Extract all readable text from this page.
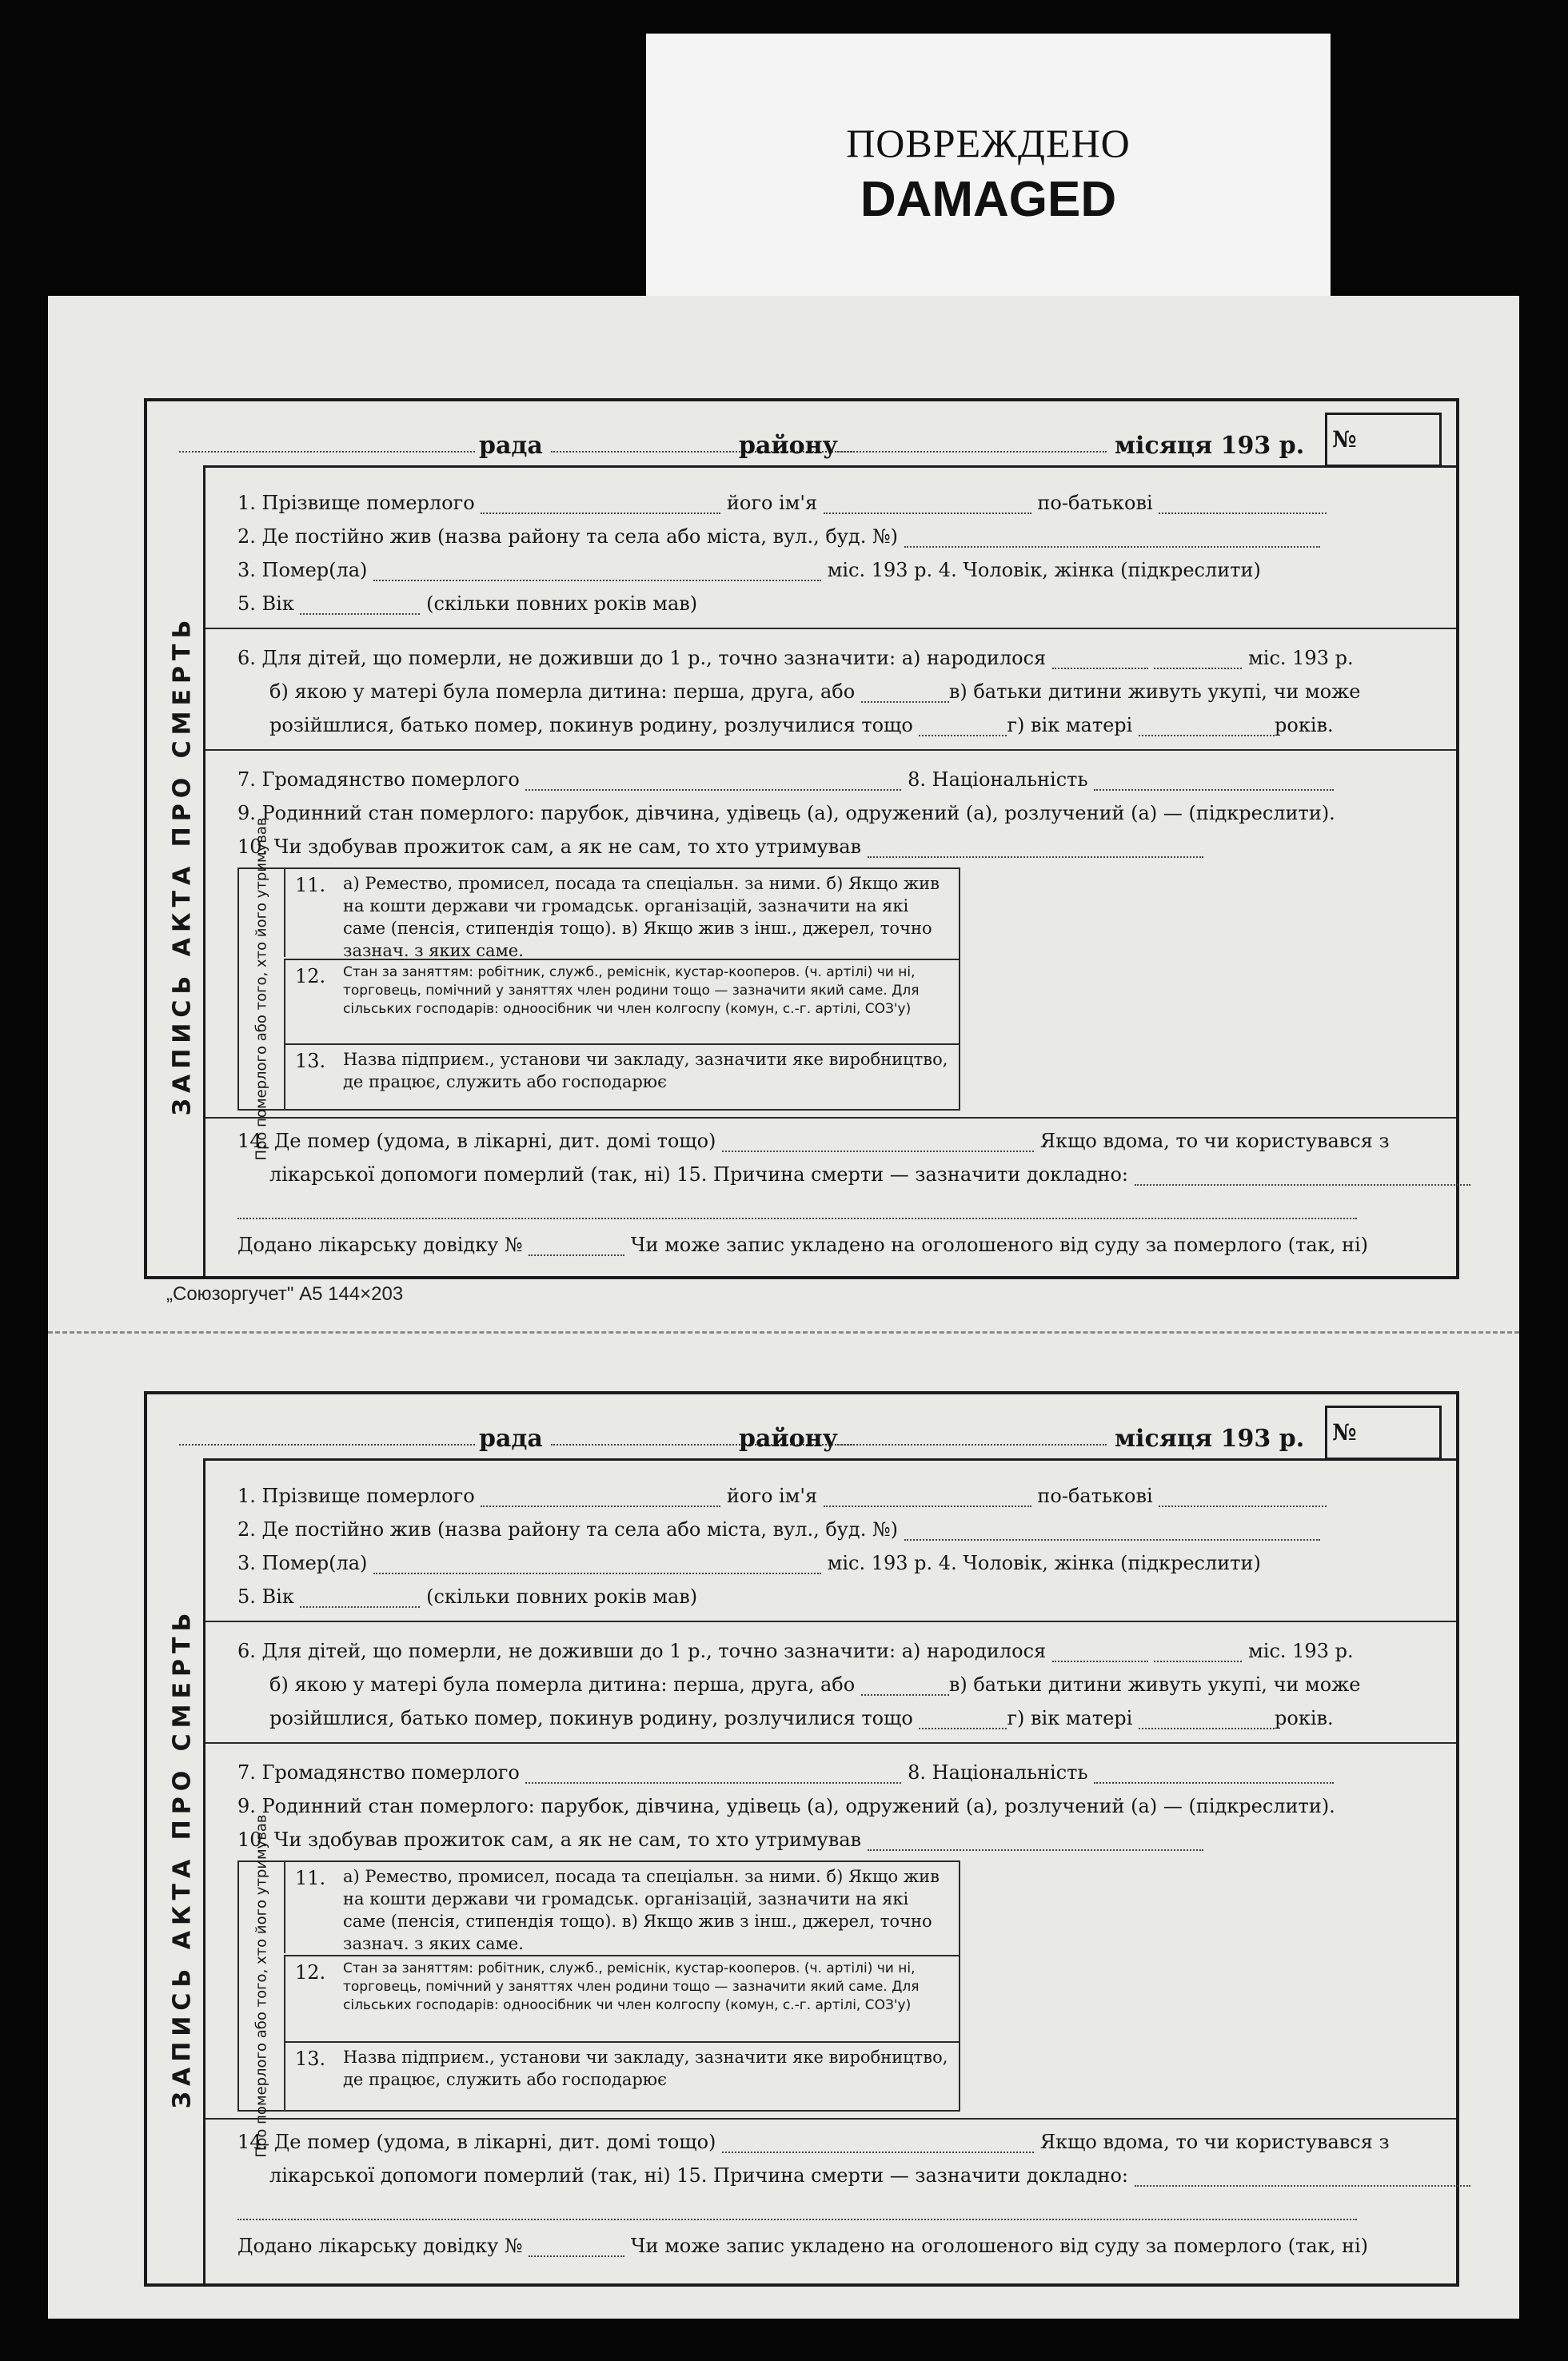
ПОВРЕЖДЕНО
DAMAGED
ЗАПИСЬ АКТА ПРО СМЕРТЬ
рада	району	місяця 193 р. №
1. Прізвище померлого	його ім'я	по-батькові
2. Де постійно жив (назва району та села або міста, вул., буд. №)
3. Помер(ла)	міс. 193 р. 4. Чоловік, жінка (підкреслити)
5. Вік	(скільки повних років мав)
6. Для дітей, що померли, не доживши до 1 р., точно зазначити: а) народилося	міс. 193 р.
б) якою у матері була померла дитина: перша, друга, або	в) батьки дитини живуть укупі, чи може
розійшлися, батько помер, покинув родину, розлучилися тощо	г) вік матері	років.
7. Громадянство померлого	8. Національність
9. Родинний стан померлого: парубок, дівчина, удівець (а), одружений (а), розлучений (а) — (підкреслити).
10. Чи здобував прожиток сам, а як не сам, то хто утримував
Про померлого або того, хто його утримував 11. а) Ремество, промисел, посада та спеціальн. за ними. б) Якщо жив на кошти держави чи громадськ. організацій, зазначити на які саме (пенсія, стипендія тощо). в) Якщо жив з інш., джерел, точно зазнач. з яких саме.
12. Стан за заняттям: робітник, служб., реміснік, кустар-кооперов. (ч. артілі) чи ні, торговець, помічний у заняттях член родини тощо — зазначити який саме. Для сільських господарів: одноосібник чи член колгоспу (комун, с.-г. артілі, СОЗ'у)
13. Назва підприєм., установи чи закладу, зазначити яке виробництво, де працює, служить або господарює
14. Де помер (удома, в лікарні, дит. домі тощо)	Якщо вдома, то чи користувався з
лікарської допомоги померлий (так, ні) 15. Причина смерти — зазначити докладно:
Додано лікарську довідку №	Чи може запис укладено на оголошеного від суду за померлого (так, ні)
„Союзоргучет" А5 144×203
ЗАПИСЬ АКТА ПРО СМЕРТЬ
рада	району	місяця 193 р. №
1. Прізвище померлого	його ім'я	по-батькові
2. Де постійно жив (назва району та села або міста, вул., буд. №)
3. Помер(ла)	міс. 193 р. 4. Чоловік, жінка (підкреслити)
5. Вік	(скільки повних років мав)
6. Для дітей, що померли, не доживши до 1 р., точно зазначити: а) народилося	міс. 193 р.
б) якою у матері була померла дитина: перша, друга, або	в) батьки дитини живуть укупі, чи може
розійшлися, батько помер, покинув родину, розлучилися тощо	г) вік матері	років.
7. Громадянство померлого	8. Національність
9. Родинний стан померлого: парубок, дівчина, удівець (а), одружений (а), розлучений (а) — (підкреслити).
10. Чи здобував прожиток сам, а як не сам, то хто утримував
Про померлого або того, хто його утримував 11. а) Ремество, промисел, посада та спеціальн. за ними. б) Якщо жив на кошти держави чи громадськ. організацій, зазначити на які саме (пенсія, стипендія тощо). в) Якщо жив з інш., джерел, точно зазнач. з яких саме.
12. Стан за заняттям: робітник, служб., реміснік, кустар-кооперов. (ч. артілі) чи ні, торговець, помічний у заняттях член родини тощо — зазначити який саме. Для сільських господарів: одноосібник чи член колгоспу (комун, с.-г. артілі, СОЗ'у)
13. Назва підприєм., установи чи закладу, зазначити яке виробництво, де працює, служить або господарює
14. Де помер (удома, в лікарні, дит. домі тощо)	Якщо вдома, то чи користувався з
лікарської допомоги померлий (так, ні) 15. Причина смерти — зазначити докладно:
Додано лікарську довідку №	Чи може запис укладено на оголошеного від суду за померлого (так, ні)
